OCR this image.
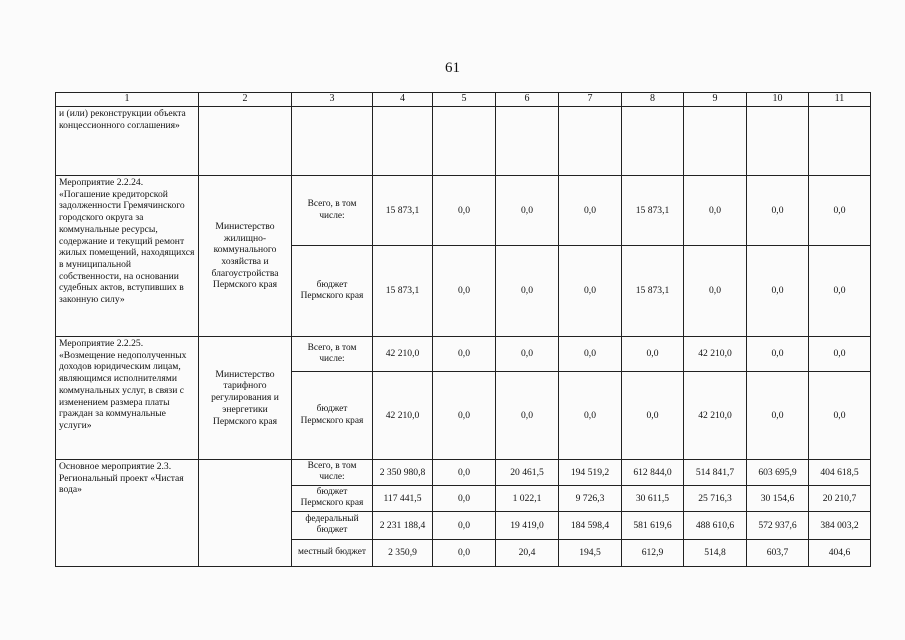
61
1	2	3	4	5	6	7	8	9	10	11
и (или) реконструкции объекта концессионного соглашения»										
Мероприятие 2.2.24. «Погашение кредиторской задолженности Гремячинского городского округа за коммунальные ресурсы, содержание и текущий ремонт жилых помещений, находящихся в муниципальной собственности, на основании судебных актов, вступивших в законную силу»	Министерство жилищно-коммунального хозяйства и благоустройства Пермского края	Всего, в том числе:	15 873,1	0,0	0,0	0,0	15 873,1	0,0	0,0	0,0
		бюджет Пермского края	15 873,1	0,0	0,0	0,0	15 873,1	0,0	0,0	0,0
Мероприятие 2.2.25. «Возмещение недополученных доходов юридическим лицам, являющимся исполнителями коммунальных услуг, в связи с изменением размера платы граждан за коммунальные услуги»	Министерство тарифного регулирования и энергетики Пермского края	Всего, в том числе:	42 210,0	0,0	0,0	0,0	0,0	42 210,0	0,0	0,0
		бюджет Пермского края	42 210,0	0,0	0,0	0,0	0,0	42 210,0	0,0	0,0
Основное мероприятие 2.3. Региональный проект «Чистая вода»		Всего, в том числе:	2 350 980,8	0,0	20 461,5	194 519,2	612 844,0	514 841,7	603 695,9	404 618,5
		бюджет Пермского края	117 441,5	0,0	1 022,1	9 726,3	30 611,5	25 716,3	30 154,6	20 210,7
		федеральный бюджет	2 231 188,4	0,0	19 419,0	184 598,4	581 619,6	488 610,6	572 937,6	384 003,2
		местный бюджет	2 350,9	0,0	20,4	194,5	612,9	514,8	603,7	404,6
